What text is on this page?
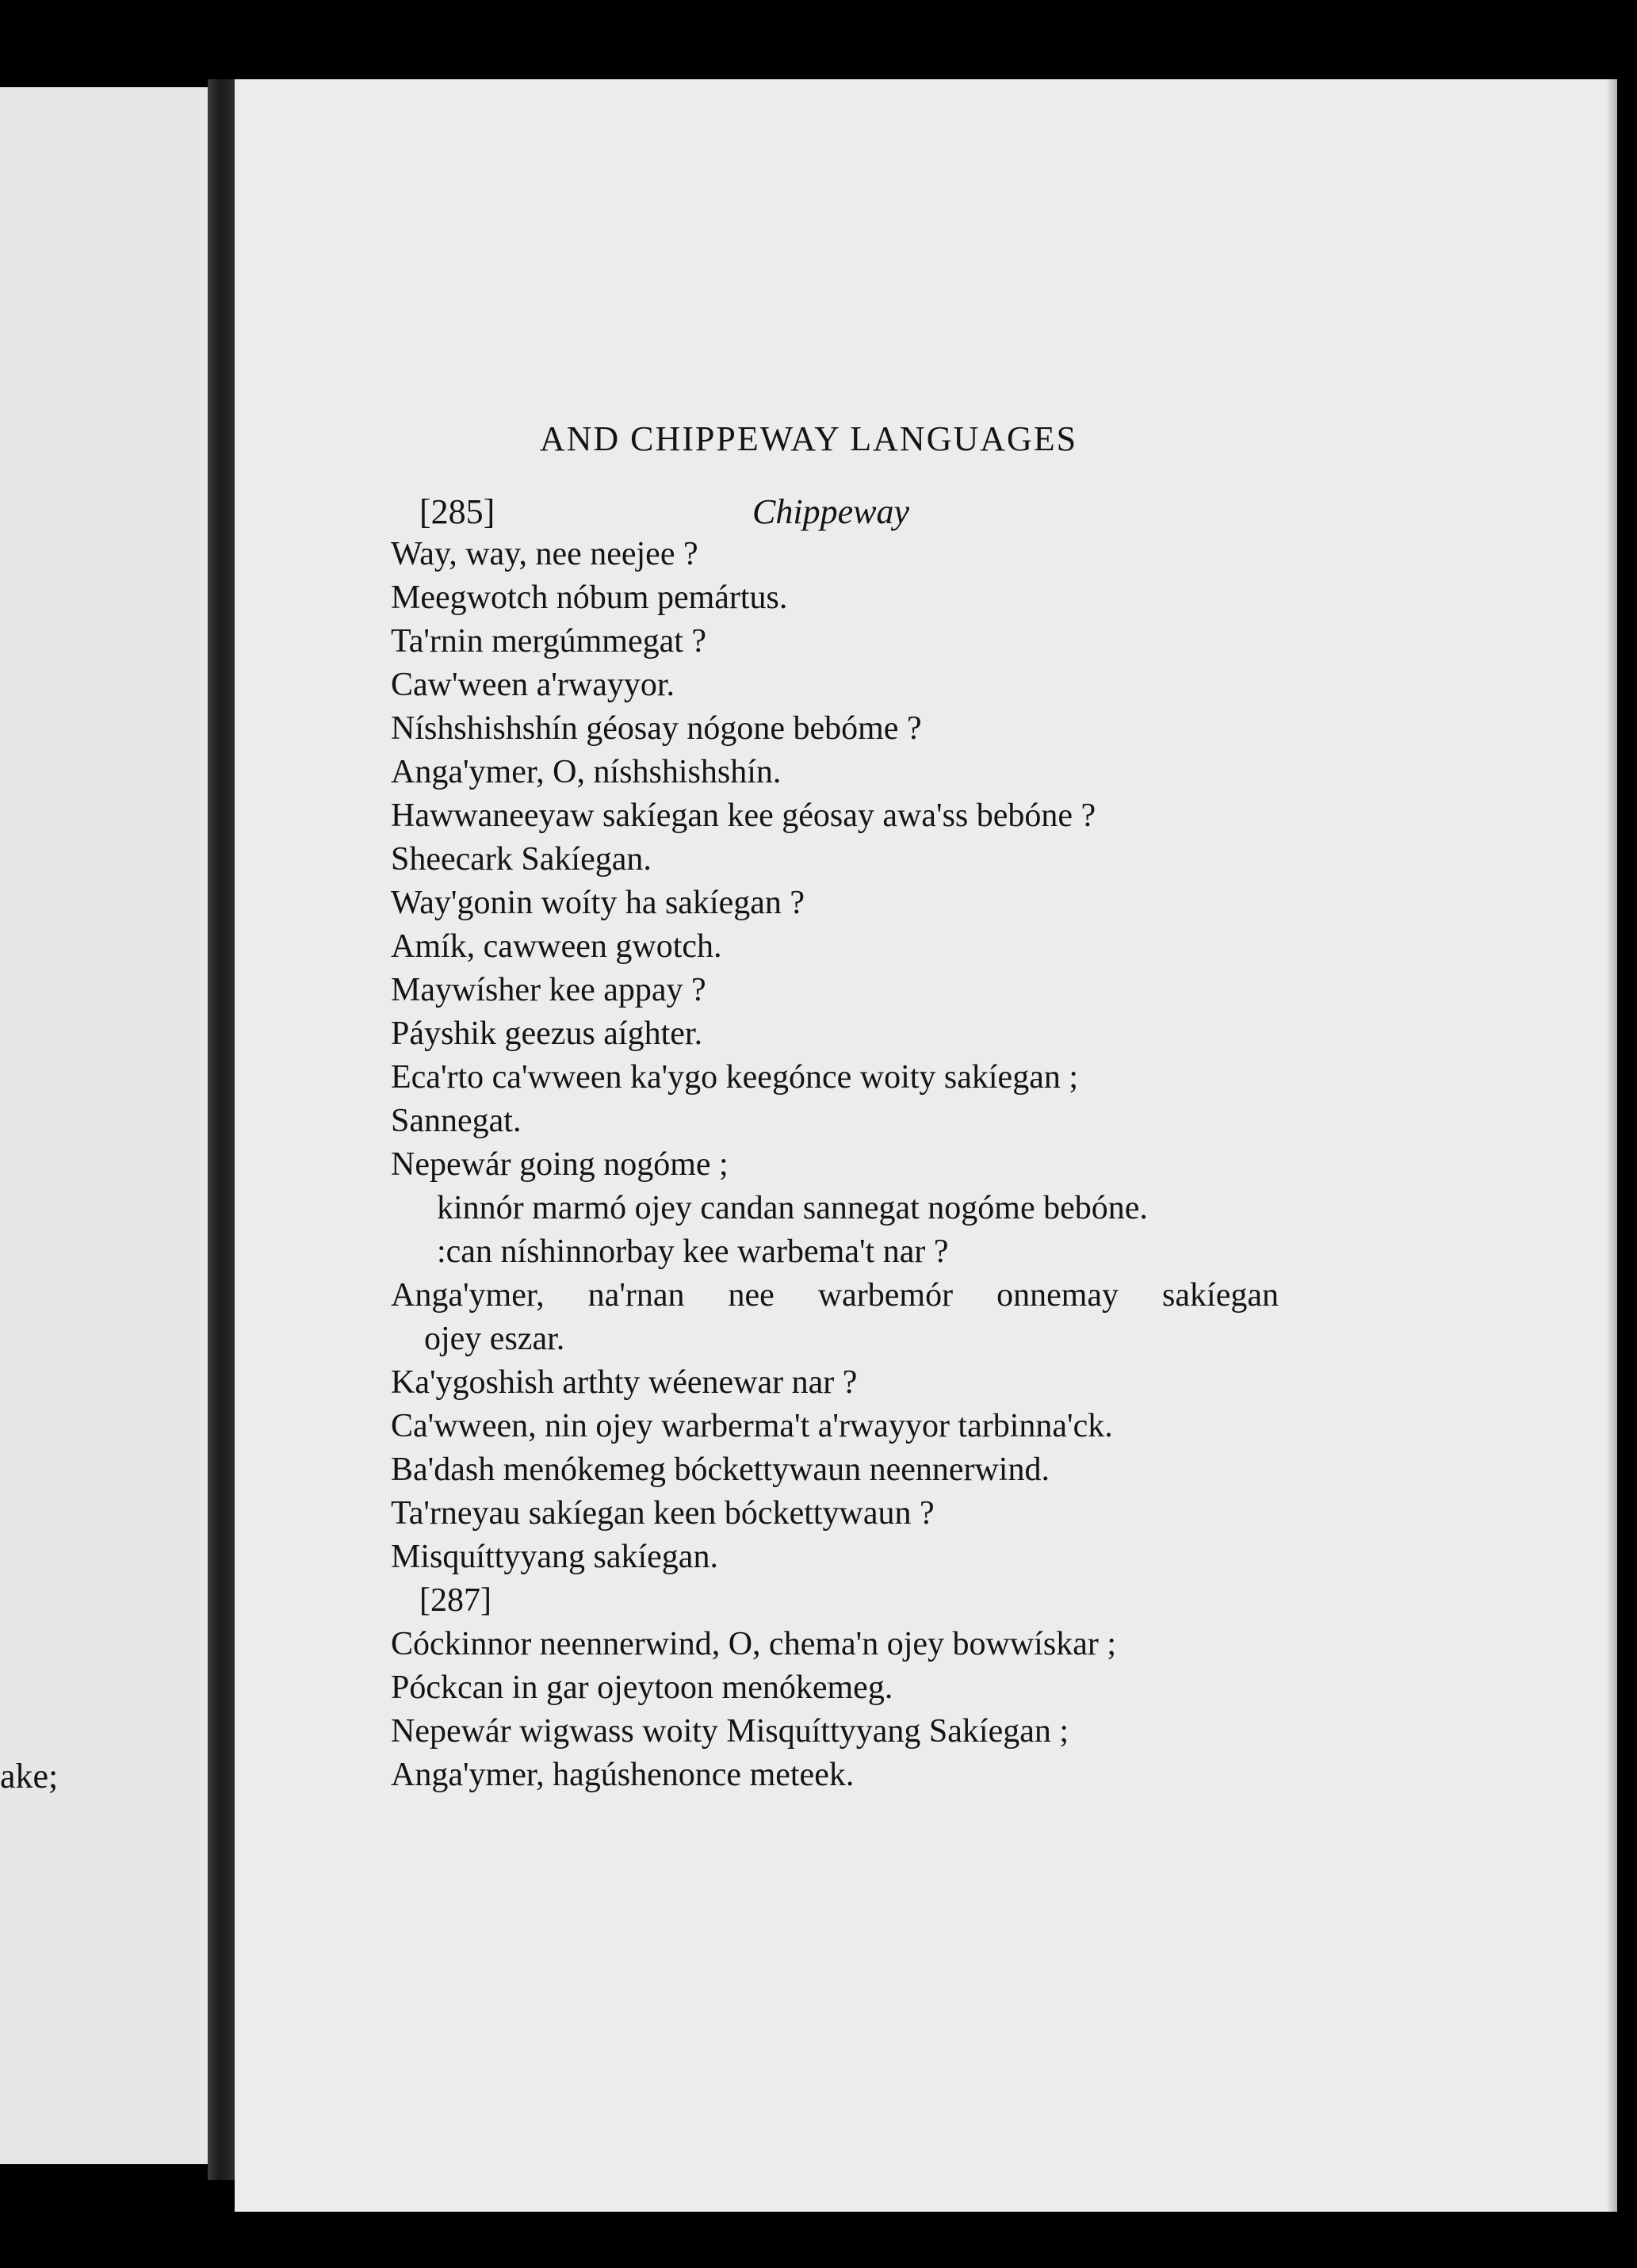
ake;
AND CHIPPEWAY LANGUAGES
[285]	Chippeway
Way, way, nee neejee ?
Meegwotch nóbum pemártus.
Ta'rnin mergúmmegat ?
Caw'ween a'rwayyor.
Níshshishshín géosay nógone bebóme ?
Anga'ymer, O, níshshishshín.
Hawwaneeyaw sakíegan kee géosay awa'ss bebóne ?
Sheecark Sakíegan.
Way'gonin woíty ha sakíegan ?
Amík, cawween gwotch.
Maywísher kee appay ?
Páyshik geezus aíghter.
Eca'rto ca'wween ka'ygo keegónce woity sakíegan ;
Sannegat.
Nepewár going nogóme ;
kinnór marmó ojey candan sannegat nogóme bebóne.
:can níshinnorbay kee warbema't nar ?
Anga'ymer, na'rnan nee warbemór onnemay sakíegan
ojey eszar.
Ka'ygoshish arthty wéenewar nar ?
Ca'wween, nin ojey warberma't a'rwayyor tarbinna'ck.
Ba'dash menókemeg bóckettywaun neennerwind.
Ta'rneyau sakíegan keen bóckettywaun ?
Misquíttyyang sakíegan.
[287]
Cóckinnor neennerwind, O, chema'n ojey bowwískar ;
Póckcan in gar ojeytoon menókemeg.
Nepewár wigwass woity Misquíttyyang Sakíegan ;
Anga'ymer, hagúshenonce meteek.
